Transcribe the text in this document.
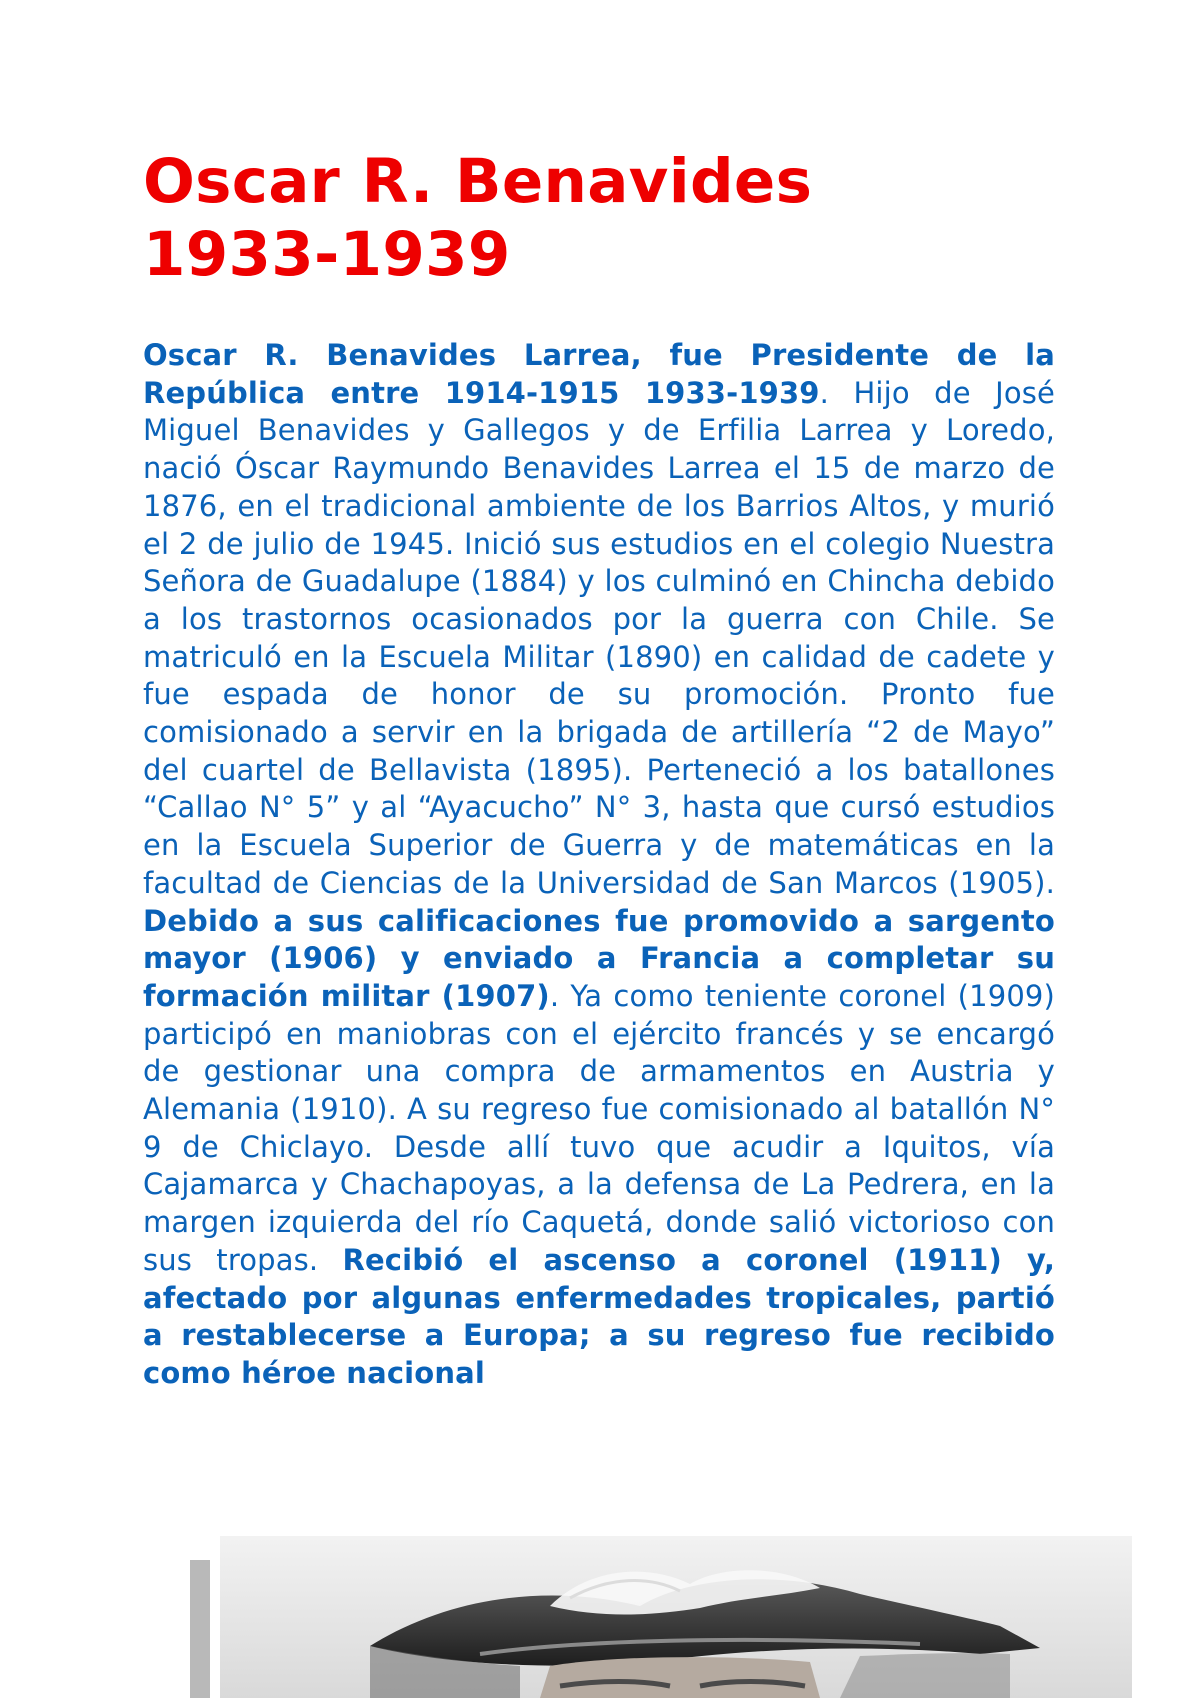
Oscar R. Benavides
1933-1939

Oscar R. Benavides Larrea, fue Presidente de la República entre 1914-1915 1933-1939. Hijo de José Miguel Benavides y Gallegos y de Erfilia Larrea y Loredo, nació Óscar Raymundo Benavides Larrea el 15 de marzo de 1876, en el tradicional ambiente de los Barrios Altos, y murió el 2 de julio de 1945. Inició sus estudios en el colegio Nuestra Señora de Guadalupe (1884) y los culminó en Chincha debido a los trastornos ocasionados por la guerra con Chile. Se matriculó en la Escuela Militar (1890) en calidad de cadete y fue espada de honor de su promoción. Pronto fue comisionado a servir en la brigada de artillería “2 de Mayo” del cuartel de Bellavista (1895). Perteneció a los batallones “Callao N° 5” y al “Ayacucho” N° 3, hasta que cursó estudios en la Escuela Superior de Guerra y de matemáticas en la facultad de Ciencias de la Universidad de San Marcos (1905). Debido a sus calificaciones fue promovido a sargento mayor (1906) y enviado a Francia a completar su formación militar (1907). Ya como teniente coronel (1909) participó en maniobras con el ejército francés y se encargó de gestionar una compra de armamentos en Austria y Alemania (1910). A su regreso fue comisionado al batallón N° 9 de Chiclayo. Desde allí tuvo que acudir a Iquitos, vía Cajamarca y Chachapoyas, a la defensa de La Pedrera, en la margen izquierda del río Caquetá, donde salió victorioso con sus tropas. Recibió el ascenso a coronel (1911) y, afectado por algunas enfermedades tropicales, partió a restablecerse a Europa; a su regreso fue recibido como héroe nacional
